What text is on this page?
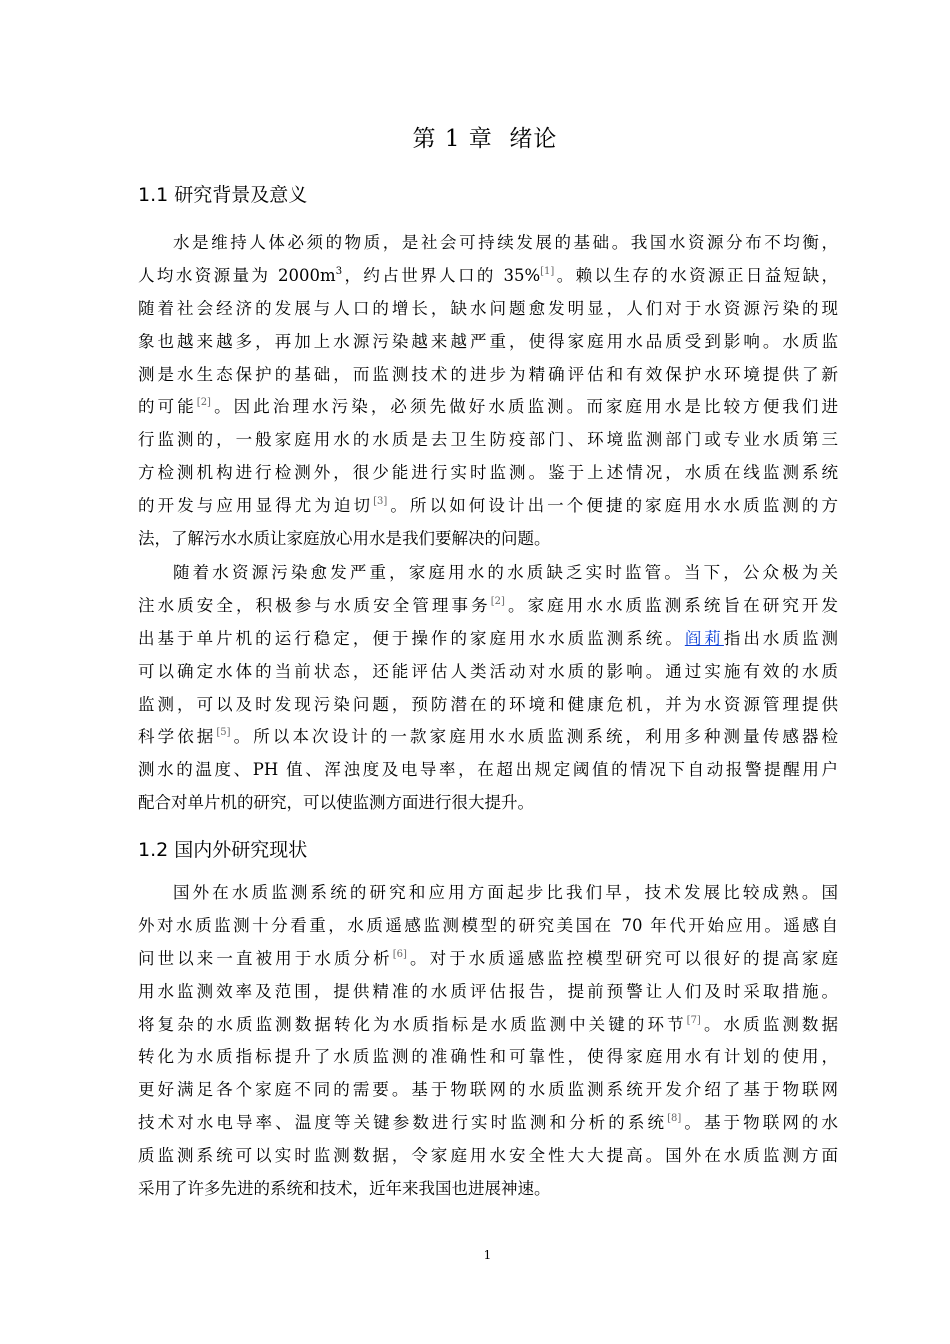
第 1 章  绪论
1.1 研究背景及意义
水是维持人体必须的物质，是社会可持续发展的基础。我国水资源分布不均衡，
人均水资源量为 $2000m^3$，约占世界人口的 35%[1]。赖以生存的水资源正日益短缺，
随着社会经济的发展与人口的增长，缺水问题愈发明显，人们对于水资源污染的现
象也越来越多，再加上水源污染越来越严重，使得家庭用水品质受到影响。水质监
测是水生态保护的基础，而监测技术的进步为精确评估和有效保护水环境提供了新
的可能[2]。因此治理水污染，必须先做好水质监测。而家庭用水是比较方便我们进
行监测的，一般家庭用水的水质是去卫生防疫部门、环境监测部门或专业水质第三
方检测机构进行检测外，很少能进行实时监测。鉴于上述情况，水质在线监测系统
的开发与应用显得尤为迫切[3]。所以如何设计出一个便捷的家庭用水水质监测的方
法，了解污水水质让家庭放心用水是我们要解决的问题。
随着水资源污染愈发严重，家庭用水的水质缺乏实时监管。当下，公众极为关
注水质安全，积极参与水质安全管理事务[2]。家庭用水水质监测系统旨在研究开发
出基于单片机的运行稳定，便于操作的家庭用水水质监测系统。阎莉指出水质监测
可以确定水体的当前状态，还能评估人类活动对水质的影响。通过实施有效的水质
监测，可以及时发现污染问题，预防潜在的环境和健康危机，并为水资源管理提供
科学依据[5]。所以本次设计的一款家庭用水水质监测系统，利用多种测量传感器检
测水的温度、PH 值、浑浊度及电导率，在超出规定阈值的情况下自动报警提醒用户
配合对单片机的研究，可以使监测方面进行很大提升。
1.2 国内外研究现状
国外在水质监测系统的研究和应用方面起步比我们早，技术发展比较成熟。国
外对水质监测十分看重，水质遥感监测模型的研究美国在 70 年代开始应用。遥感自
问世以来一直被用于水质分析[6]。对于水质遥感监控模型研究可以很好的提高家庭
用水监测效率及范围，提供精准的水质评估报告，提前预警让人们及时采取措施。
将复杂的水质监测数据转化为水质指标是水质监测中关键的环节[7]。水质监测数据
转化为水质指标提升了水质监测的准确性和可靠性，使得家庭用水有计划的使用，
更好满足各个家庭不同的需要。基于物联网的水质监测系统开发介绍了基于物联网
技术对水电导率、温度等关键参数进行实时监测和分析的系统[8]。基于物联网的水
质监测系统可以实时监测数据，令家庭用水安全性大大提高。国外在水质监测方面
采用了许多先进的系统和技术，近年来我国也进展神速。
1
